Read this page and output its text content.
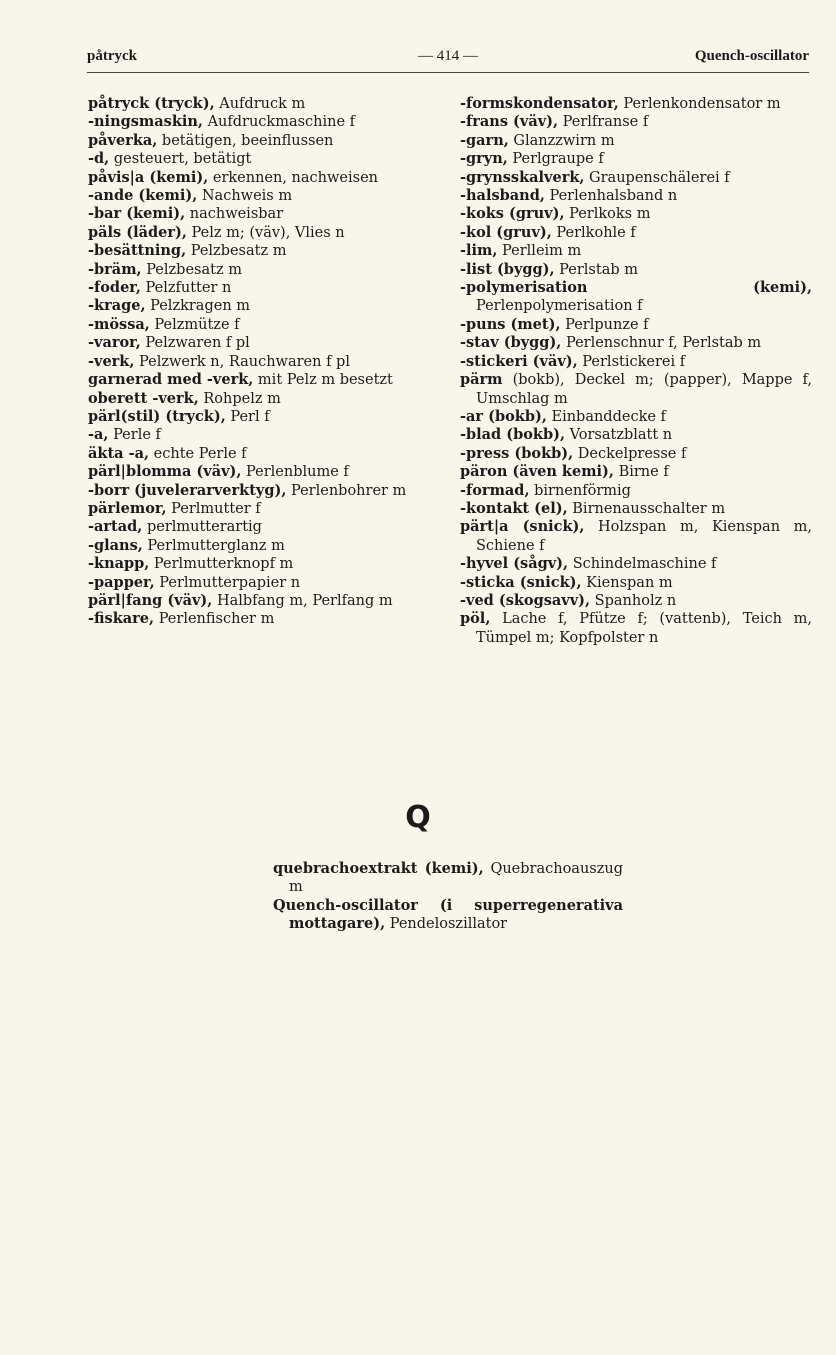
påtryck	— 414 —	Quench-oscillator
påtryck (tryck), Aufdruck m
-ningsmaskin, Aufdruckmaschine f
påverka, betätigen, beeinflussen
-d, gesteuert, betätigt
påvis|a (kemi), erkennen, nachweisen
-ande (kemi), Nachweis m
-bar (kemi), nachweisbar
päls (läder), Pelz m; (väv), Vlies n
-besättning, Pelzbesatz m
-bräm, Pelzbesatz m
-foder, Pelzfutter n
-krage, Pelzkragen m
-mössa, Pelzmütze f
-varor, Pelzwaren f pl
-verk, Pelzwerk n, Rauchwaren f pl
garnerad med -verk, mit Pelz m besetzt
oberett -verk, Rohpelz m
pärl(stil) (tryck), Perl f
-a, Perle f
äkta -a, echte Perle f
pärl|blomma (väv), Perlenblume f
-borr (juvelerarverktyg), Perlenbohrer m
pärlemor, Perlmutter f
-artad, perlmutterartig
-glans, Perlmutterglanz m
-knapp, Perlmutterknopf m
-papper, Perlmutterpapier n
pärl|fang (väv), Halbfang m, Perlfang m
-fiskare, Perlenfischer m
-formskondensator, Perlenkondensator m
-frans (väv), Perlfranse f
-garn, Glanzzwirn m
-gryn, Perlgraupe f
-grynsskalverk, Graupenschälerei f
-halsband, Perlenhalsband n
-koks (gruv), Perlkoks m
-kol (gruv), Perlkohle f
-lim, Perlleim m
-list (bygg), Perlstab m
-polymerisation (kemi), Perlenpolymerisation f
-puns (met), Perlpunze f
-stav (bygg), Perlenschnur f, Perlstab m
-stickeri (väv), Perlstickerei f
pärm (bokb), Deckel m; (papper), Mappe f, Umschlag m
-ar (bokb), Einbanddecke f
-blad (bokb), Vorsatzblatt n
-press (bokb), Deckelpresse f
päron (även kemi), Birne f
-formad, birnenförmig
-kontakt (el), Birnenausschalter m
pärt|a (snick), Holzspan m, Kienspan m, Schiene f
-hyvel (sågv), Schindelmaschine f
-sticka (snick), Kienspan m
-ved (skogsavv), Spanholz n
pöl, Lache f, Pfütze f; (vattenb), Teich m, Tümpel m; Kopfpolster n
Q
quebrachoextrakt (kemi), Quebrachoauszug m
Quench-oscillator (i superregenerativa mottagare), Pendeloszillator
